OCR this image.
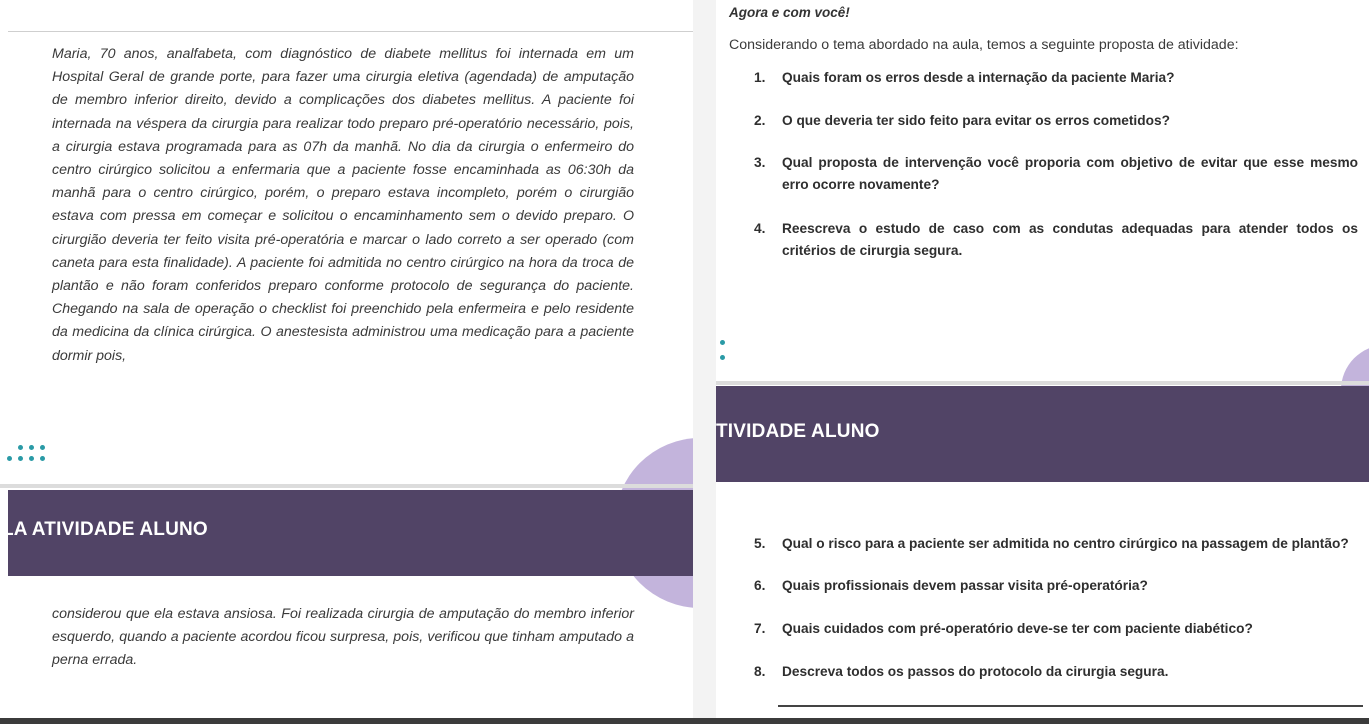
Maria, 70 anos, analfabeta, com diagnóstico de diabete mellitus foi internada em um Hospital Geral de grande porte, para fazer uma cirurgia eletiva (agendada) de amputação de membro inferior direito, devido a complicações dos diabetes mellitus. A paciente foi internada na véspera da cirurgia para realizar todo preparo pré-operatório necessário, pois, a cirurgia estava programada para as 07h da manhã. No dia da cirurgia o enfermeiro do centro cirúrgico solicitou a enfermaria que a paciente fosse encaminhada as 06:30h da manhã para o centro cirúrgico, porém, o preparo estava incompleto, porém o cirurgião estava com pressa em começar e solicitou o encaminhamento sem o devido preparo. O cirurgião deveria ter feito visita pré-operatória e marcar o lado correto a ser operado (com caneta para esta finalidade). A paciente foi admitida no centro cirúrgico na hora da troca de plantão e não foram conferidos preparo conforme protocolo de segurança do paciente. Chegando na sala de operação o checklist foi preenchido pela enfermeira e pelo residente da medicina da clínica cirúrgica. O anestesista administrou uma medicação para a paciente dormir pois,

LA ATIVIDADE ALUNO

considerou que ela estava ansiosa. Foi realizada cirurgia de amputação do membro inferior esquerdo, quando a paciente acordou ficou surpresa, pois, verificou que tinham amputado a perna errada.

Agora e com você!
Considerando o tema abordado na aula, temos a seguinte proposta de atividade:
1.	Quais foram os erros desde a internação da paciente Maria?
2.	O que deveria ter sido feito para evitar os erros cometidos?
3.	Qual proposta de intervenção você proporia com objetivo de evitar que esse mesmo erro ocorre novamente?
4.	Reescreva o estudo de caso com as condutas adequadas para atender todos os critérios de cirurgia segura.
TIVIDADE ALUNO
5.	Qual o risco para a paciente ser admitida no centro cirúrgico na passagem de plantão?
6.	Quais profissionais devem passar visita pré-operatória?
7.	Quais cuidados com pré-operatório deve-se ter com paciente diabético?
8.	Descreva todos os passos do protocolo da cirurgia segura.
